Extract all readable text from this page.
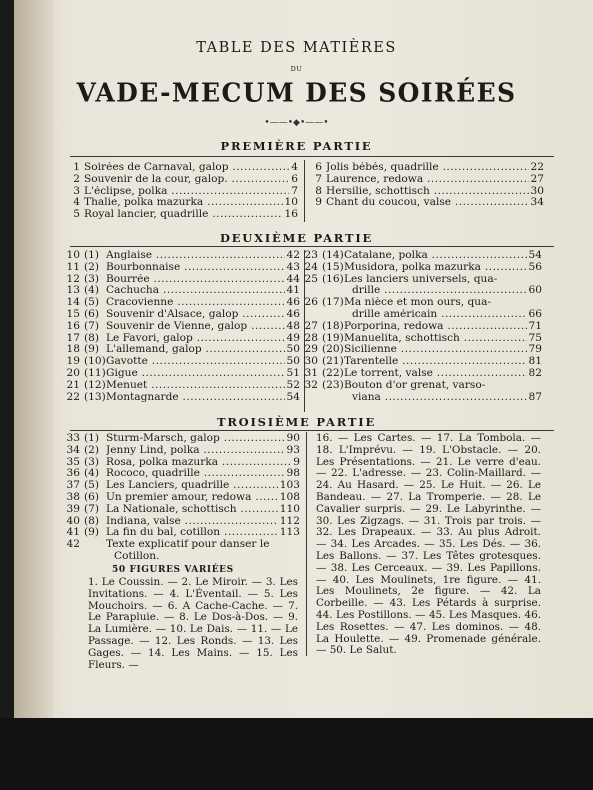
TABLE DES MATIÈRES
DU
VADE-MECUM DES SOIRÉES
•——•◆•——•
PREMIÈRE PARTIE
1 Soirées de Carnaval, galop .....	4
2 Souvenir de la cour, galop. .....	6
3 L'éclipse, polka .....	7
4 Thalie, polka mazurka .....	10
5 Royal lancier, quadrille .....	16
6 Jolis bébés, quadrille .....	22
7 Laurence, redowa .....	27
8 Hersilie, schottisch .....	30
9 Chant du coucou, valse .....	34
DEUXIÈME PARTIE
10 (1) Anglaise .....	42
11 (2) Bourbonnaise .....	43
12 (3) Bourrée .....	44
13 (4) Cachucha .....	41
14 (5) Cracovienne .....	46
15 (6) Souvenir d'Alsace, galop .....	46
16 (7) Souvenir de Vienne, galop .....	48
17 (8) Le Favori, galop .....	49
18 (9) L'allemand, galop .....	50
19 (10) Gavotte .....	50
20 (11) Gigue .....	51
21 (12) Menuet .....	52
22 (13) Montagnarde .....	54
23 (14) Catalane, polka .....	54
24 (15) Musidora, polka mazurka .....	56
25 (16) Les lanciers universels, qua-
drille .....	60
26 (17) Ma nièce et mon ours, qua-
drille américain .....	66
27 (18) Porporina, redowa .....	71
28 (19) Manuelita, schottisch .....	75
29 (20) Sicilienne .....	79
30 (21) Tarentelle .....	81
31 (22) Le torrent, valse .....	82
32 (23) Bouton d'or grenat, varso-
viana .....	87
TROISIÈME PARTIE
33 (1) Sturm-Marsch, galop .....	90
34 (2) Jenny Lind, polka .....	93
35 (3) Rosa, polka mazurka .....	9
36 (4) Rococo, quadrille .....	98
37 (5) Les Lanciers, quadrille .....	103
38 (6) Un premier amour, redowa .....	108
39 (7) La Nationale, schottisch .....	110
40 (8) Indiana, valse .....	112
41 (9) La fin du bal, cotillon .....	113
42	Texte explicatif pour danser le
Cotillon.
50 FIGURES VARIÉES
1. Le Coussin. — 2. Le Miroir. — 3. Les Invitations. — 4. L'Éventail. — 5. Les Mouchoirs. — 6. A Cache-Cache. — 7. Le Parapluie. — 8. Le Dos-à-Dos. — 9. La Lumière. — 10. Le Dais. — 11. — Le Passage. — 12. Les Ronds. — 13. Les Gages. — 14. Les Mains. — 15. Les Fleurs. —
16. — Les Cartes. — 17. La Tombola. — 18. L'Imprévu. — 19. L'Obstacle. — 20. Les Présentations. — 21. Le verre d'eau. — 22. L'adresse. — 23. Colin-Maillard. — 24. Au Hasard. — 25. Le Huit. — 26. Le Bandeau. — 27. La Tromperie. — 28. Le Cavalier surpris. — 29. Le Labyrinthe. — 30. Les Zigzags. — 31. Trois par trois. — 32. Les Drapeaux. — 33. Au plus Adroit. — 34. Les Arcades. — 35. Les Dés. — 36. Les Ballons. — 37. Les Têtes grotesques. — 38. Les Cerceaux. — 39. Les Papillons. — 40. Les Moulinets, 1re figure. — 41. Les Moulinets, 2e figure. — 42. La Corbeille. — 43. Les Pétards à surprise. 44. Les Postillons. — 45. Les Masques. 46. Les Rosettes. — 47. Les dominos. — 48. La Houlette. — 49. Promenade générale. — 50. Le Salut.
